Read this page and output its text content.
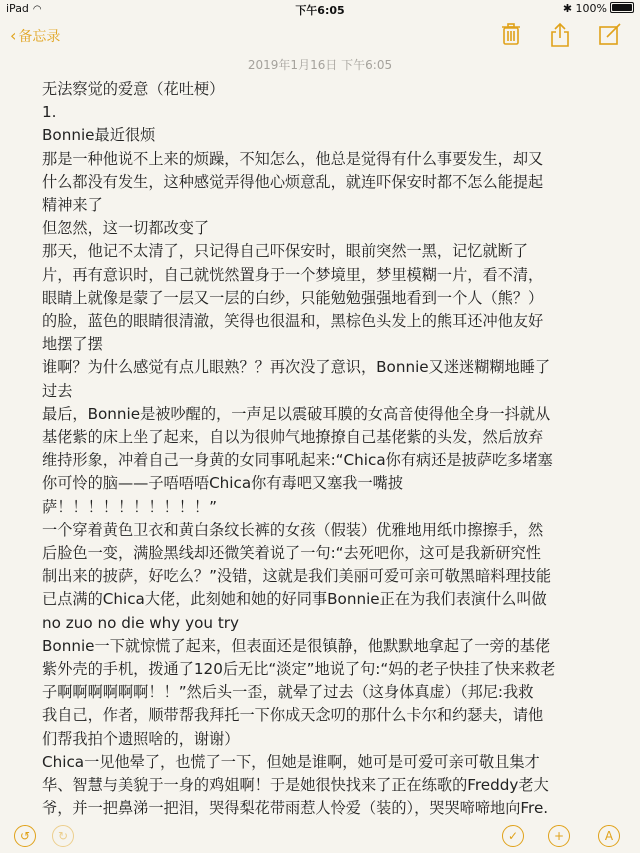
iPad ◠	下午6:05	✱ 100%
‹ 备忘录
2019年1月16日 下午6:05

无法察觉的爱意（花吐梗）

1.

Bonnie最近很烦

那是一种他说不上来的烦躁，不知怎么，他总是觉得有什么事要发生，却又

什么都没有发生，这种感觉弄得他心烦意乱，就连吓保安时都不怎么能提起

精神来了

但忽然，这一切都改变了

那天，他记不太清了，只记得自己吓保安时，眼前突然一黑，记忆就断了

片，再有意识时，自己就恍然置身于一个梦境里，梦里模糊一片，看不清，

眼睛上就像是蒙了一层又一层的白纱，只能勉勉强强地看到一个人（熊？）

的脸，蓝色的眼睛很清澈，笑得也很温和，黑棕色头发上的熊耳还冲他友好

地摆了摆

谁啊？为什么感觉有点儿眼熟？？再次没了意识，Bonnie又迷迷糊糊地睡了

过去

最后，Bonnie是被吵醒的，一声足以震破耳膜的女高音使得他全身一抖就从

基佬紫的床上坐了起来，自以为很帅气地撩撩自己基佬紫的头发，然后放弃

维持形象，冲着自己一身黄的女同事吼起来:“Chica你有病还是披萨吃多堵塞

你可怜的脑——子唔唔唔Chica你有毒吧又塞我一嘴披

萨！！！！！！！！！！”

一个穿着黄色卫衣和黄白条纹长裤的女孩（假装）优雅地用纸巾擦擦手，然

后脸色一变，满脸黑线却还微笑着说了一句:“去死吧你，这可是我新研究性

制出来的披萨，好吃么？”没错，这就是我们美丽可爱可亲可敬黑暗料理技能

已点满的Chica大佬，此刻她和她的好同事Bonnie正在为我们表演什么叫做

no zuo no die why you try

Bonnie一下就惊慌了起来，但表面还是很镇静，他默默地拿起了一旁的基佬

紫外壳的手机，拨通了120后无比“淡定”地说了句:“妈的老子快挂了快来救老

子啊啊啊啊啊啊！！”然后头一歪，就晕了过去（这身体真虚）（邦尼:我救

我自己，作者，顺带帮我拜托一下你成天念叨的那什么卡尔和约瑟夫，请他

们帮我拍个遗照啥的，谢谢）

Chica一见他晕了，也慌了一下，但她是谁啊，她可是可爱可亲可敬且集才

华、智慧与美貌于一身的鸡姐啊！于是她很快找来了正在练歌的Freddy老大

爷，并一把鼻涕一把泪，哭得梨花带雨惹人怜爱（装的），哭哭啼啼地向Fre.

↺	↻	✓	+	A
